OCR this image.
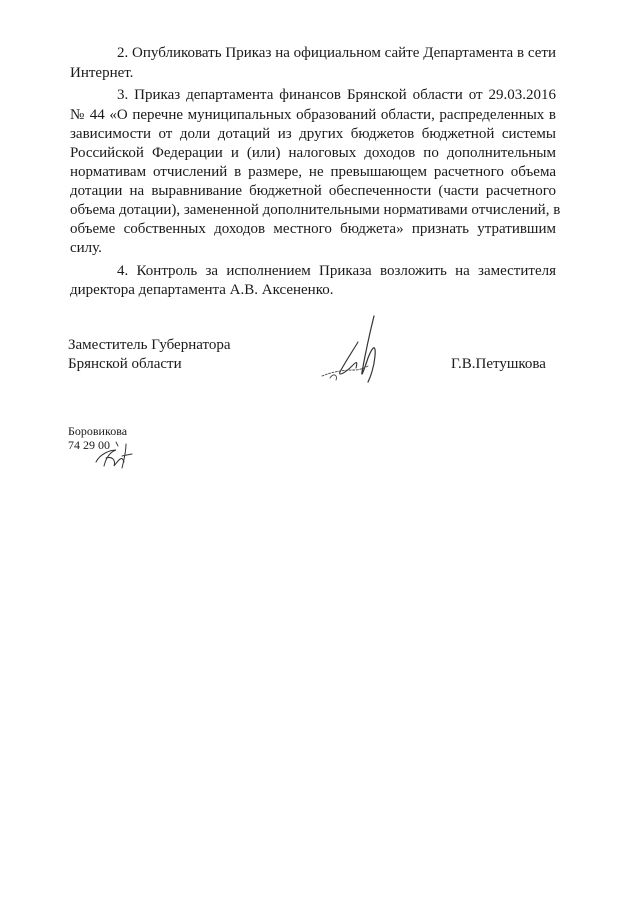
2. Опубликовать Приказ на официальном сайте Департамента в сети
Интернет.
3. Приказ департамента финансов Брянской области от 29.03.2016
№ 44 «О перечне муниципальных образований области, распределенных в
зависимости от доли дотаций из других бюджетов бюджетной системы
Российской Федерации и (или) налоговых доходов по дополнительным
нормативам отчислений в размере, не превышающем расчетного объема
дотации на выравнивание бюджетной обеспеченности (части расчетного
объема дотации), замененной дополнительными нормативами отчислений, в
объеме собственных доходов местного бюджета» признать утратившим
силу.
4. Контроль за исполнением Приказа возложить на заместителя
директора департамента А.В. Аксененко.
Заместитель Губернатора
Брянской области	Г.В.Петушкова
Боровикова
74 29 00
